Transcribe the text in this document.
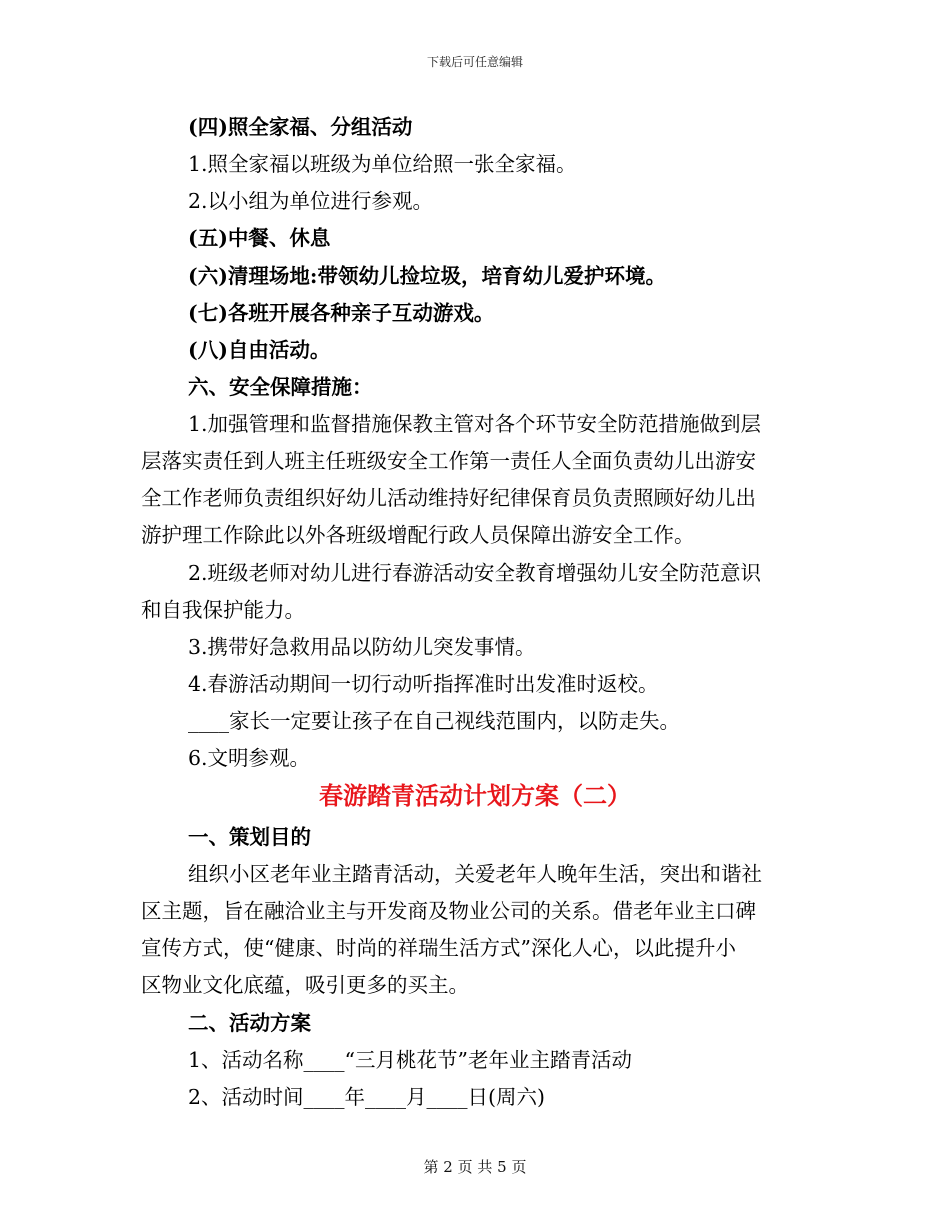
下载后可任意编辑
(四)照全家福、分组活动
1.照全家福以班级为单位给照一张全家福。
2.以小组为单位进行参观。
(五)中餐、休息
(六)清理场地:带领幼儿捡垃圾，培育幼儿爱护环境。
(七)各班开展各种亲子互动游戏。
(八)自由活动。
六、安全保障措施：
1.加强管理和监督措施保教主管对各个环节安全防范措施做到层
层落实责任到人班主任班级安全工作第一责任人全面负责幼儿出游安
全工作老师负责组织好幼儿活动维持好纪律保育员负责照顾好幼儿出
游护理工作除此以外各班级增配行政人员保障出游安全工作。
2.班级老师对幼儿进行春游活动安全教育增强幼儿安全防范意识
和自我保护能力。
3.携带好急救用品以防幼儿突发事情。
4.春游活动期间一切行动听指挥准时出发准时返校。
____家长一定要让孩子在自己视线范围内，以防走失。
6.文明参观。
春游踏青活动计划方案（二）
一、策划目的
组织小区老年业主踏青活动，关爱老年人晚年生活，突出和谐社
区主题，旨在融洽业主与开发商及物业公司的关系。借老年业主口碑
宣传方式，使“健康、时尚的祥瑞生活方式”深化人心，以此提升小
区物业文化底蕴，吸引更多的买主。
二、活动方案
1、活动名称____“三月桃花节”老年业主踏青活动
2、活动时间____年____月____日(周六)
第 2 页 共 5 页
